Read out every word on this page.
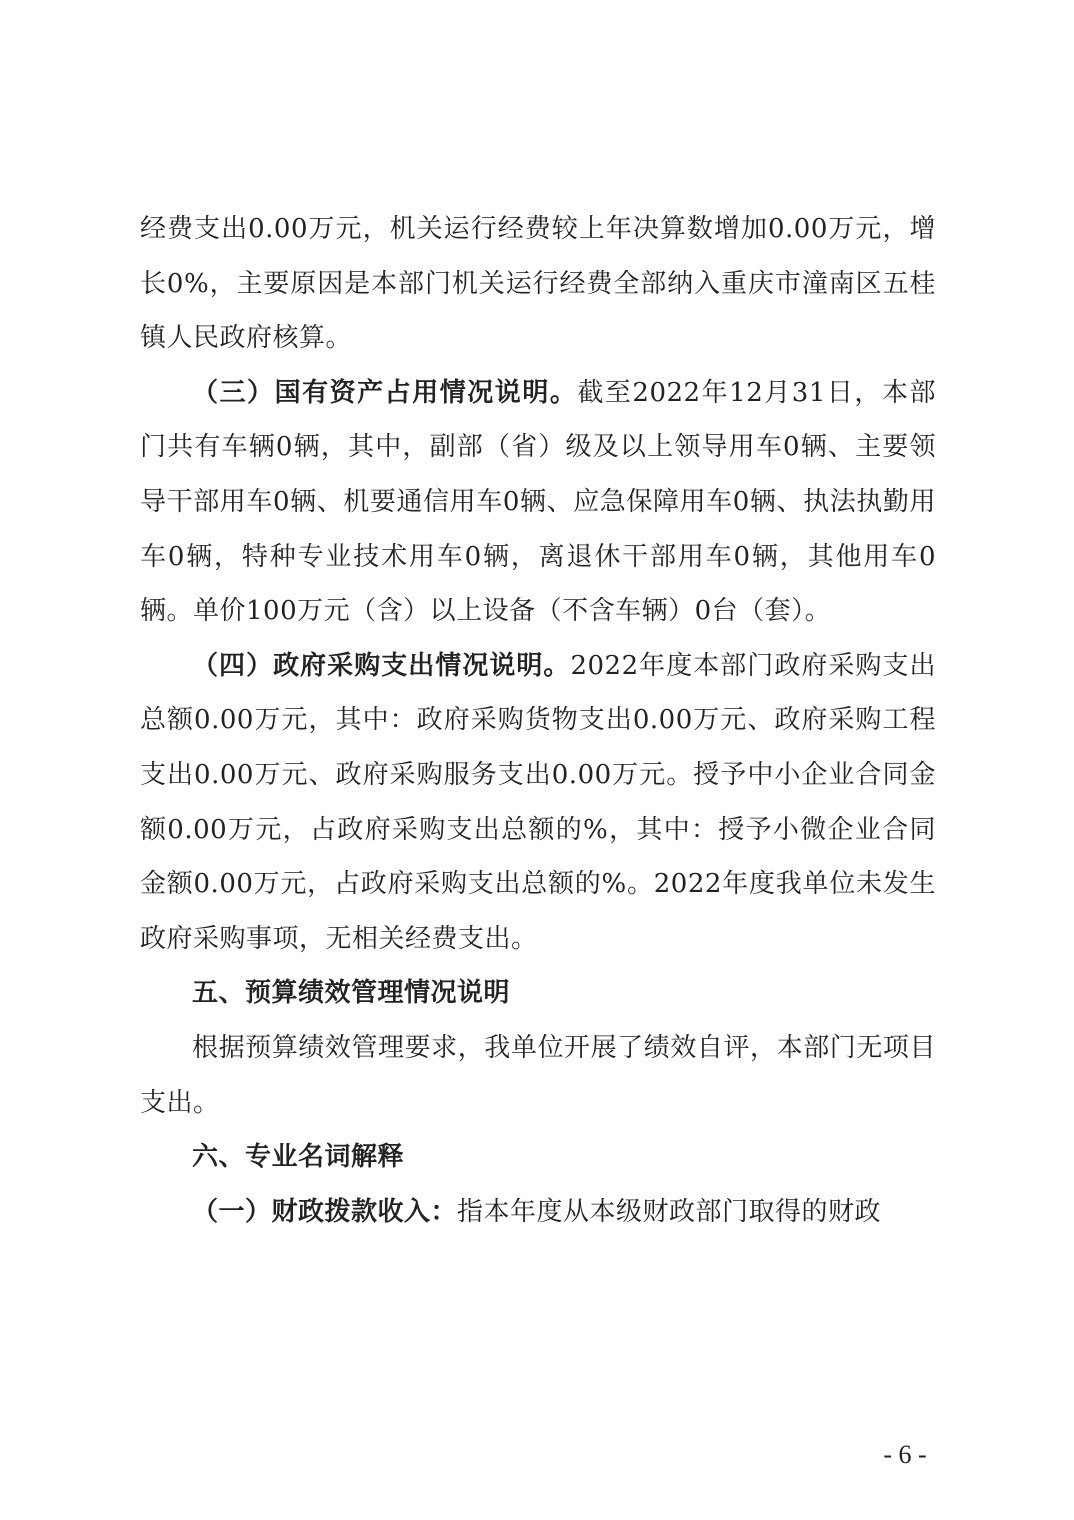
经费支出0.00万元，机关运行经费较上年决算数增加0.00万元，增长0%，主要原因是本部门机关运行经费全部纳入重庆市潼南区五桂镇人民政府核算。

（三）国有资产占用情况说明。截至2022年12月31日，本部门共有车辆0辆，其中，副部（省）级及以上领导用车0辆、主要领导干部用车0辆、机要通信用车0辆、应急保障用车0辆、执法执勤用车0辆，特种专业技术用车0辆，离退休干部用车0辆，其他用车0辆。单价100万元（含）以上设备（不含车辆）0台（套）。

（四）政府采购支出情况说明。2022年度本部门政府采购支出总额0.00万元，其中：政府采购货物支出0.00万元、政府采购工程支出0.00万元、政府采购服务支出0.00万元。授予中小企业合同金额0.00万元，占政府采购支出总额的%，其中：授予小微企业合同金额0.00万元，占政府采购支出总额的%。2022年度我单位未发生政府采购事项，无相关经费支出。

五、预算绩效管理情况说明

根据预算绩效管理要求，我单位开展了绩效自评，本部门无项目支出。

六、专业名词解释

（一）财政拨款收入：指本年度从本级财政部门取得的财政

- 6 -
